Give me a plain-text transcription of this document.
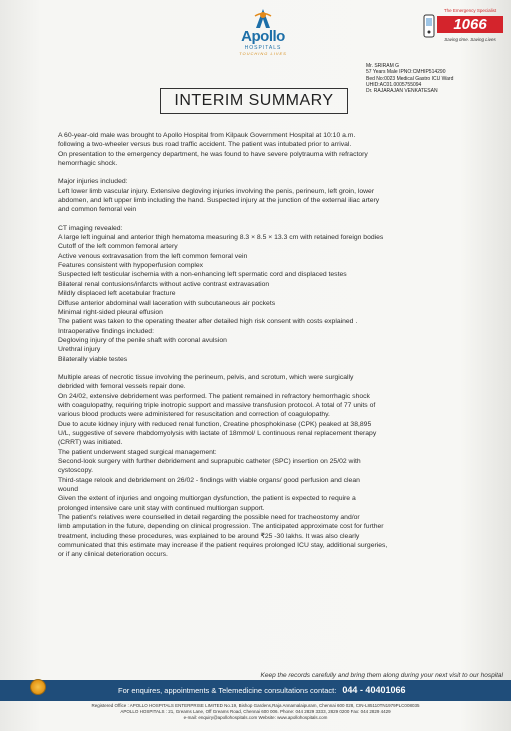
Apollo
HOSPITALS
TOUCHING LIVES
The Emergency Specialist
1066
Saving time. Saving Lives
Mr. SRIRAM G
57 Years Male IPNO:CMHIP514290
Bed No:0023 Medical Gastro ICU Ward
UHID:AC01.0005755094
Dr. RAJARAJAN VENKATESAN
INTERIM SUMMARY
A 60-year-old male was brought to Apollo Hospital from Kilpauk Government Hospital at 10:10 a.m.
following a two-wheeler versus bus road traffic accident. The patient was intubated prior to arrival.
On presentation to the emergency department, he was found to have severe polytrauma with refractory
hemorrhagic shock.
Major injuries included:
Left lower limb vascular injury. Extensive degloving injuries involving the penis, perineum, left groin, lower
abdomen, and left upper limb including the hand. Suspected injury at the junction of the external iliac artery
and common femoral vein
CT imaging revealed:
A large left inguinal and anterior thigh hematoma measuring 8.3 × 8.5 × 13.3 cm with retained foreign bodies
Cutoff of the left common femoral artery
Active venous extravasation from the left common femoral vein
Features consistent with hypoperfusion complex
Suspected left testicular ischemia with a non-enhancing left spermatic cord and displaced testes
Bilateral renal contusions/infarcts without active contrast extravasation
Mildly displaced left acetabular fracture
Diffuse anterior abdominal wall laceration with subcutaneous air pockets
Minimal right-sided pleural effusion
The patient was taken to the operating theater after detailed high risk consent with costs explained .
Intraoperative findings included:
Degloving injury of the penile shaft with coronal avulsion
Urethral injury
Bilaterally viable testes
Multiple areas of necrotic tissue involving the perineum, pelvis, and scrotum, which were surgically
debrided with femoral vessels repair done.
On 24/02, extensive debridement was performed. The patient remained in refractory hemorrhagic shock
with coagulopathy, requiring triple inotropic support and massive transfusion protocol. A total of 77 units of
various blood products were administered for resuscitation and correction of coagulopathy.
Due to acute kidney injury with reduced renal function, Creatine phosphokinase (CPK) peaked at 38,895
U/L, suggestive of severe rhabdomyolysis with lactate of 18mmol/ L continuous renal replacement therapy
(CRRT) was initiated.
The patient underwent staged surgical management:
Second-look surgery with further debridement and suprapubic catheter (SPC) insertion on 25/02 with
cystoscopy.
Third-stage relook and debridement on 26/02 - findings with viable organs/ good perfusion and clean
wound
Given the extent of injuries and ongoing multiorgan dysfunction, the patient is expected to require a
prolonged intensive care unit stay with continued multiorgan support.
The patient's relatives were counselled in detail regarding the possible need for tracheostomy and/or
limb amputation in the future, depending on clinical progression. The anticipated approximate cost for further
treatment, including these procedures, was explained to be around ₹25 -30 lakhs. It was also clearly
communicated that this estimate may increase if the patient requires prolonged ICU stay, additional surgeries,
or if any clinical deterioration occurs.
Keep the records carefully and bring them along during your next visit to our hospital
For enquires, appointments & Telemedicine consultations contact: 044 - 40401066
Registered Office : APOLLO HOSPITALS ENTERPRISE LIMITED No.19, Bishop Gardens,Raja Annamalaipuram, Chennai 600 028, CIN-L85110TN1979PLC008035
APOLLO HOSPITALS : 21, Greams Lane, Off Greams Road, Chennai 600 006. Phone: 044 2829 3333, 2829 0200 Fax: 044 2829 4429
e-mail: enquiry@apollohospitals.com Website: www.apollohospitals.com
